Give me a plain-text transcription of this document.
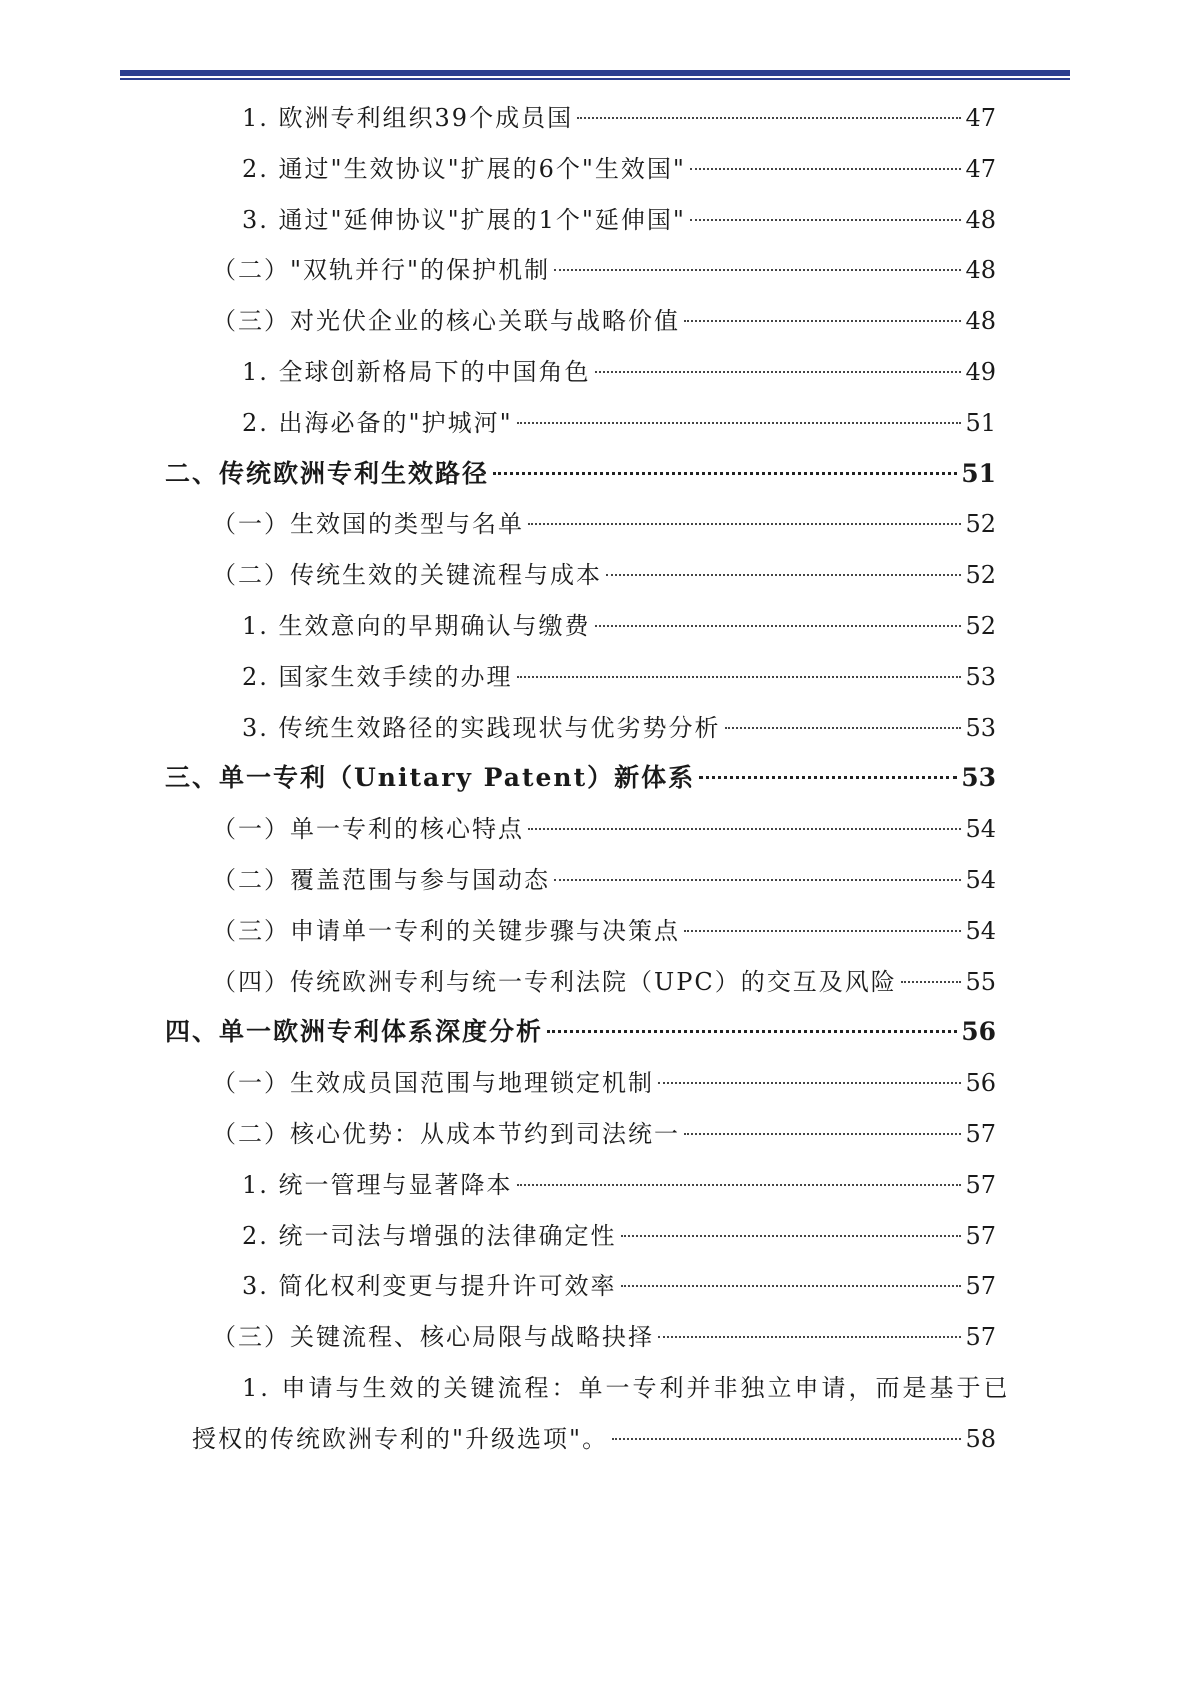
1. 欧洲专利组织39个成员国	47
2. 通过"生效协议"扩展的6个"生效国"	47
3. 通过"延伸协议"扩展的1个"延伸国"	48
（二）"双轨并行"的保护机制	48
（三）对光伏企业的核心关联与战略价值	48
1. 全球创新格局下的中国角色	49
2. 出海必备的"护城河"	51
二、传统欧洲专利生效路径	51
（一）生效国的类型与名单	52
（二）传统生效的关键流程与成本	52
1. 生效意向的早期确认与缴费	52
2. 国家生效手续的办理	53
3. 传统生效路径的实践现状与优劣势分析	53
三、单一专利（Unitary Patent）新体系	53
（一）单一专利的核心特点	54
（二）覆盖范围与参与国动态	54
（三）申请单一专利的关键步骤与决策点	54
（四）传统欧洲专利与统一专利法院（UPC）的交互及风险	55
四、单一欧洲专利体系深度分析	56
（一）生效成员国范围与地理锁定机制	56
（二）核心优势：从成本节约到司法统一	57
1. 统一管理与显著降本	57
2. 统一司法与增强的法律确定性	57
3. 简化权利变更与提升许可效率	57
（三）关键流程、核心局限与战略抉择	57
1. 申请与生效的关键流程：单一专利并非独立申请，而是基于已
授权的传统欧洲专利的"升级选项"。	58
